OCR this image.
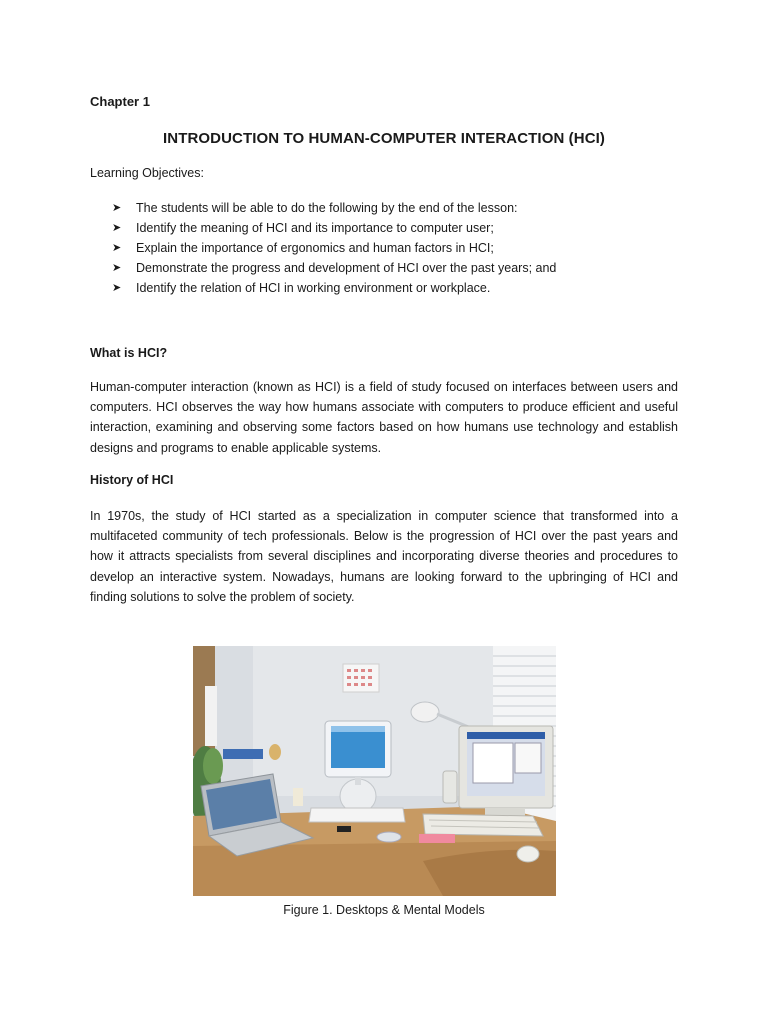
Chapter 1
INTRODUCTION TO HUMAN-COMPUTER INTERACTION (HCI)
Learning Objectives:
➤	The students will be able to do the following by the end of the lesson:
➤	Identify the meaning of HCI and its importance to computer user;
➤	Explain the importance of ergonomics and human factors in HCI;
➤	Demonstrate the progress and development of HCI over the past years; and
➤	Identify the relation of HCI in working environment or workplace.
What is HCI?

Human-computer interaction (known as HCI) is a field of study focused on interfaces between users and computers. HCI observes the way how humans associate with computers to produce efficient and useful interaction, examining and observing some factors based on how humans use technology and establish designs and programs to enable applicable systems.

History of HCI

In 1970s, the study of HCI started as a specialization in computer science that transformed into a multifaceted community of tech professionals. Below is the progression of HCI over the past years and how it attracts specialists from several disciplines and incorporating diverse theories and procedures to develop an interactive system. Nowadays, humans are looking forward to the upbringing of HCI and finding solutions to solve the problem of society.

Figure 1. Desktops & Mental Models
